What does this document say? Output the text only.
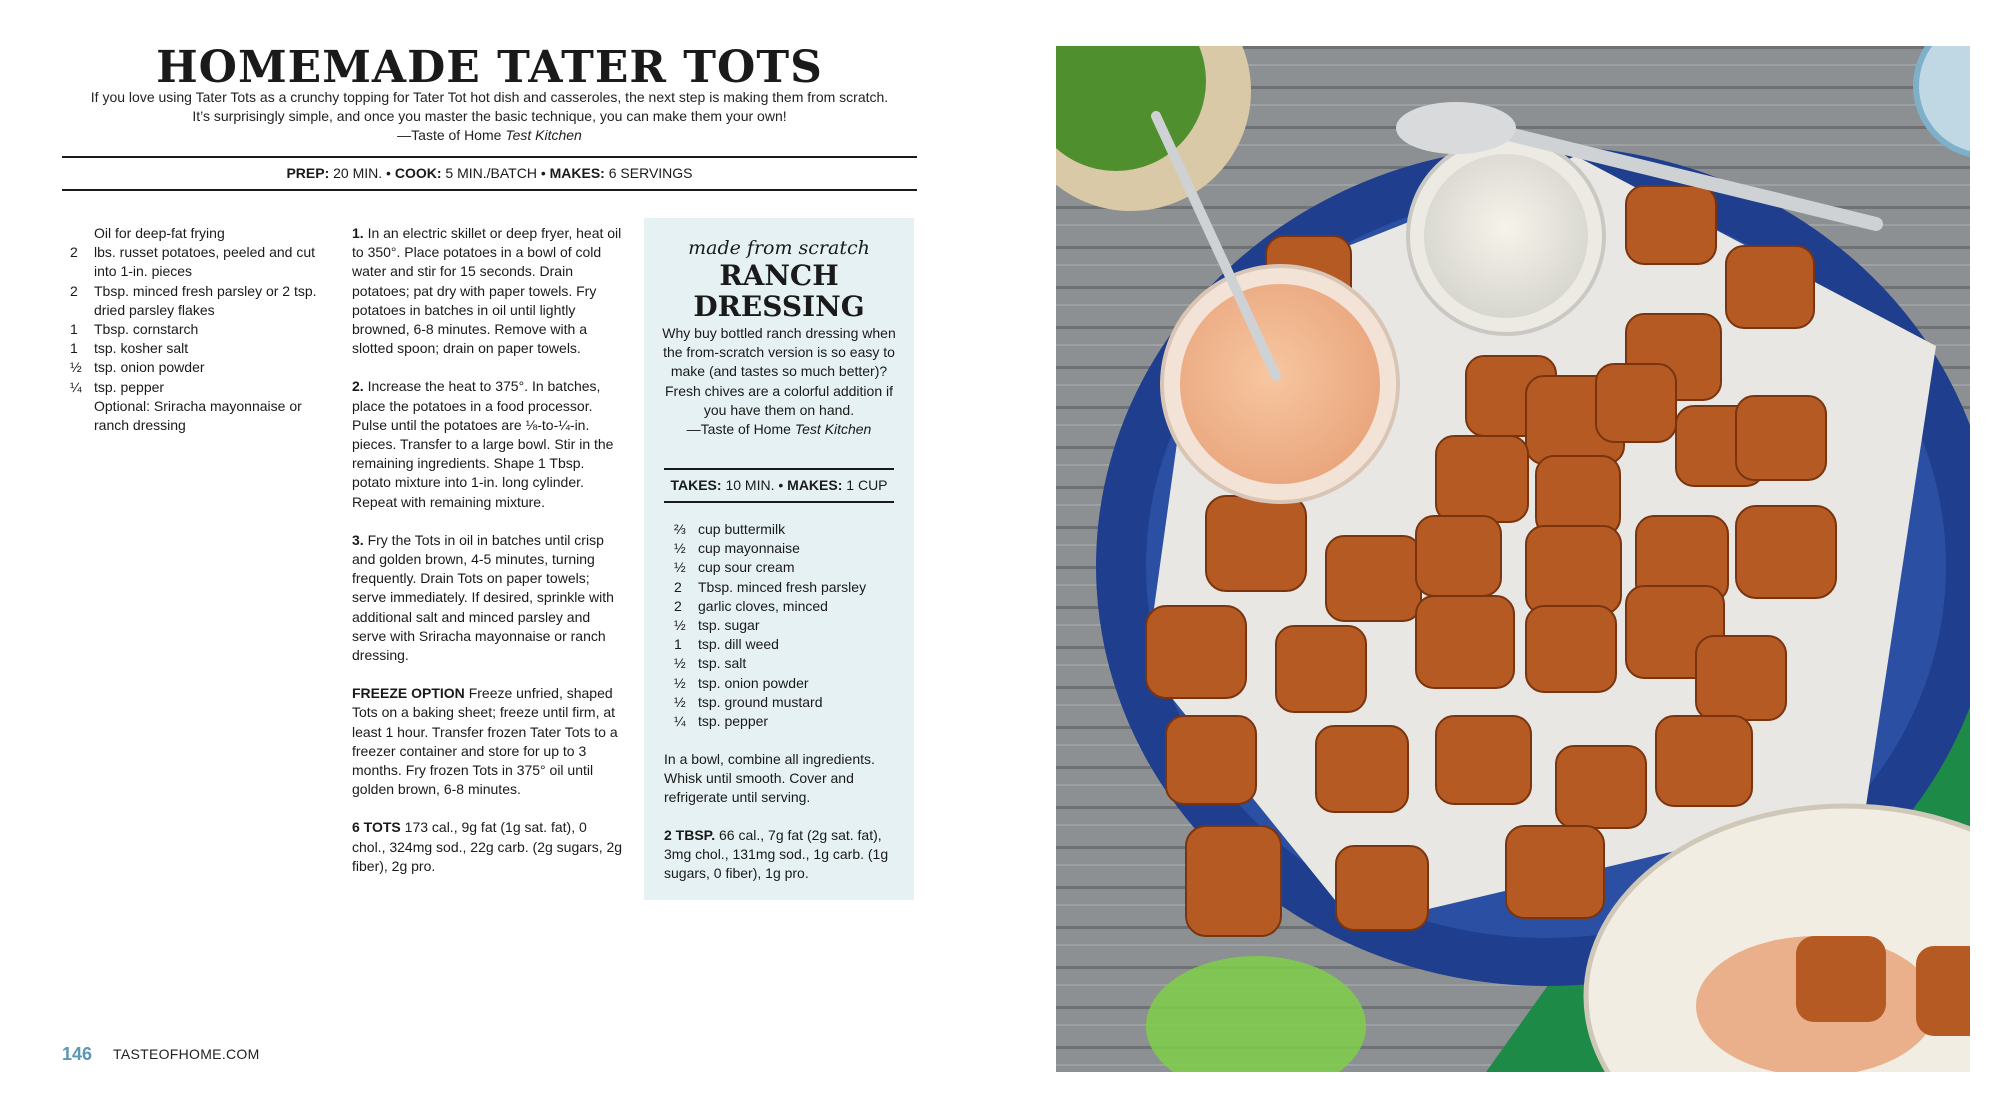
HOMEMADE TATER TOTS
If you love using Tater Tots as a crunchy topping for Tater Tot hot dish and casseroles, the next step is making them from scratch.
It’s surprisingly simple, and once you master the basic technique, you can make them your own!
—Taste of Home Test Kitchen
PREP: 20 MIN. • COOK: 5 MIN./BATCH • MAKES: 6 SERVINGS
Oil for deep-fat frying
2	lbs. russet potatoes, peeled and cut into 1-in. pieces
2	Tbsp. minced fresh parsley or 2 tsp. dried parsley flakes
1	Tbsp. cornstarch
1	tsp. kosher salt
½ tsp. onion powder
¼ tsp. pepper
Optional: Sriracha mayonnaise or ranch dressing

1. In an electric skillet or deep fryer, heat oil to 350°. Place potatoes in a bowl of cold water and stir for 15 seconds. Drain potatoes; pat dry with paper towels. Fry potatoes in batches in oil until lightly browned, 6-8 minutes. Remove with a slotted spoon; drain on paper towels.

2. Increase the heat to 375°. In batches, place the potatoes in a food processor. Pulse until the potatoes are ⅛-to-¼-in. pieces. Transfer to a large bowl. Stir in the remaining ingredients. Shape 1 Tbsp. potato mixture into 1-in. long cylinder. Repeat with remaining mixture.

3. Fry the Tots in oil in batches until crisp and golden brown, 4-5 minutes, turning frequently. Drain Tots on paper towels; serve immediately. If desired, sprinkle with additional salt and minced parsley and serve with Sriracha mayonnaise or ranch dressing.

FREEZE OPTION Freeze unfried, shaped Tots on a baking sheet; freeze until firm, at least 1 hour. Transfer frozen Tater Tots to a freezer container and store for up to 3 months. Fry frozen Tots in 375° oil until golden brown, 6-8 minutes.

6 TOTS 173 cal., 9g fat (1g sat. fat), 0 chol., 324mg sod., 22g carb. (2g sugars, 2g fiber), 2g pro.

made from scratch
RANCH
DRESSING
Why buy bottled ranch dressing when the from-scratch version is so easy to make (and tastes so much better)? Fresh chives are a colorful addition if you have them on hand.
—Taste of Home Test Kitchen
TAKES: 10 MIN. • MAKES: 1 CUP
⅔ cup buttermilk
½ cup mayonnaise
½ cup sour cream
2	Tbsp. minced fresh parsley
2	garlic cloves, minced
½ tsp. sugar
1	tsp. dill weed
½ tsp. salt
½ tsp. onion powder
½ tsp. ground mustard
¼ tsp. pepper
In a bowl, combine all ingredients. Whisk until smooth. Cover and refrigerate until serving.
2 TBSP. 66 cal., 7g fat (2g sat. fat), 3mg chol., 131mg sod., 1g carb. (1g sugars, 0 fiber), 1g pro.
146 TASTEOFHOME.COM
